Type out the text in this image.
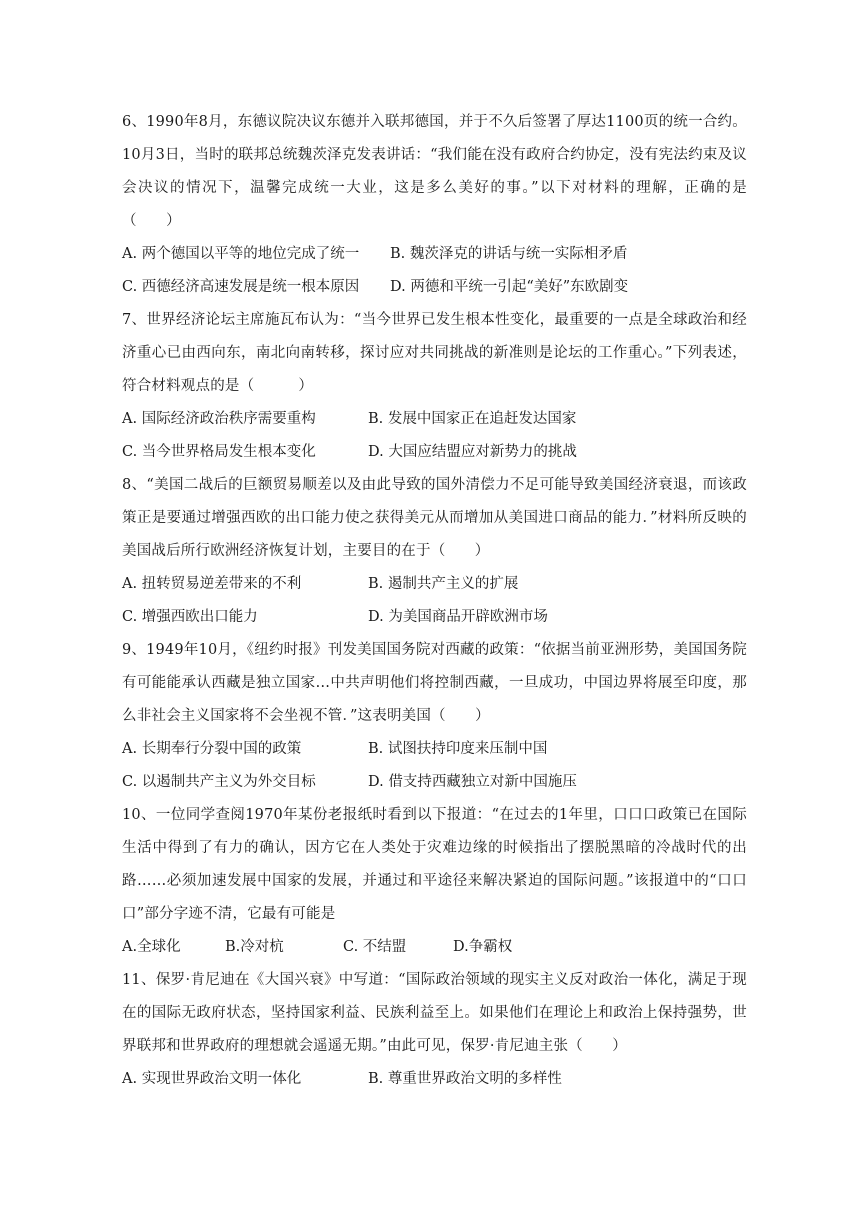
6、1990年8月，东德议院决议东德并入联邦德国，并于不久后签署了厚达1100页的统一合约。10月3日，当时的联邦总统魏茨泽克发表讲话：“我们能在没有政府合约协定，没有宪法约束及议会决议的情况下，温馨完成统一大业，这是多么美好的事。”以下对材料的理解，正确的是（　　）

A. 两个德国以平等的地位完成了统一	B. 魏茨泽克的讲话与统一实际相矛盾
C. 西德经济高速发展是统一根本原因	D. 两德和平统一引起“美好”东欧剧变

7、世界经济论坛主席施瓦布认为：“当今世界已发生根本性变化，最重要的一点是全球政治和经济重心已由西向东，南北向南转移，探讨应对共同挑战的新准则是论坛的工作重心。”下列表述，符合材料观点的是（　　　）

A. 国际经济政治秩序需要重构	B. 发展中国家正在追赶发达国家
C. 当今世界格局发生根本变化	D. 大国应结盟应对新势力的挑战

8、“美国二战后的巨额贸易顺差以及由此导致的国外清偿力不足可能导致美国经济衰退，而该政策正是要通过增强西欧的出口能力使之获得美元从而增加从美国进口商品的能力．”材料所反映的美国战后所行欧洲经济恢复计划，主要目的在于（　　）

A. 扭转贸易逆差带来的不利	B. 遏制共产主义的扩展
C. 增强西欧出口能力	D. 为美国商品开辟欧洲市场

9、1949年10月，《纽约时报》刊发美国国务院对西藏的政策：“依据当前亚洲形势，美国国务院有可能能承认西藏是独立国家…中共声明他们将控制西藏，一旦成功，中国边界将展至印度，那么非社会主义国家将不会坐视不管．”这表明美国（　　）

A. 长期奉行分裂中国的政策	B. 试图扶持印度来压制中国
C. 以遏制共产主义为外交目标	D. 借支持西藏独立对新中国施压

10、一位同学查阅1970年某份老报纸时看到以下报道：“在过去的1年里，口口口政策已在国际生活中得到了有力的确认，因方它在人类处于灾难边缘的时候指出了摆脱黑暗的冷战时代的出路……必须加速发展中国家的发展，并通过和平途径来解决紧迫的国际问题。”该报道中的“口口口”部分字迹不清，它最有可能是

A.全球化	B.冷对杭	C. 不结盟	D.争霸权

11、保罗·肯尼迪在《大国兴衰》中写道：“国际政治领域的现实主义反对政治一体化，满足于现在的国际无政府状态，坚持国家利益、民族利益至上。如果他们在理论上和政治上保持强势，世界联邦和世界政府的理想就会遥遥无期。”由此可见，保罗·肯尼迪主张（　　）

A. 实现世界政治文明一体化	B. 尊重世界政治文明的多样性
